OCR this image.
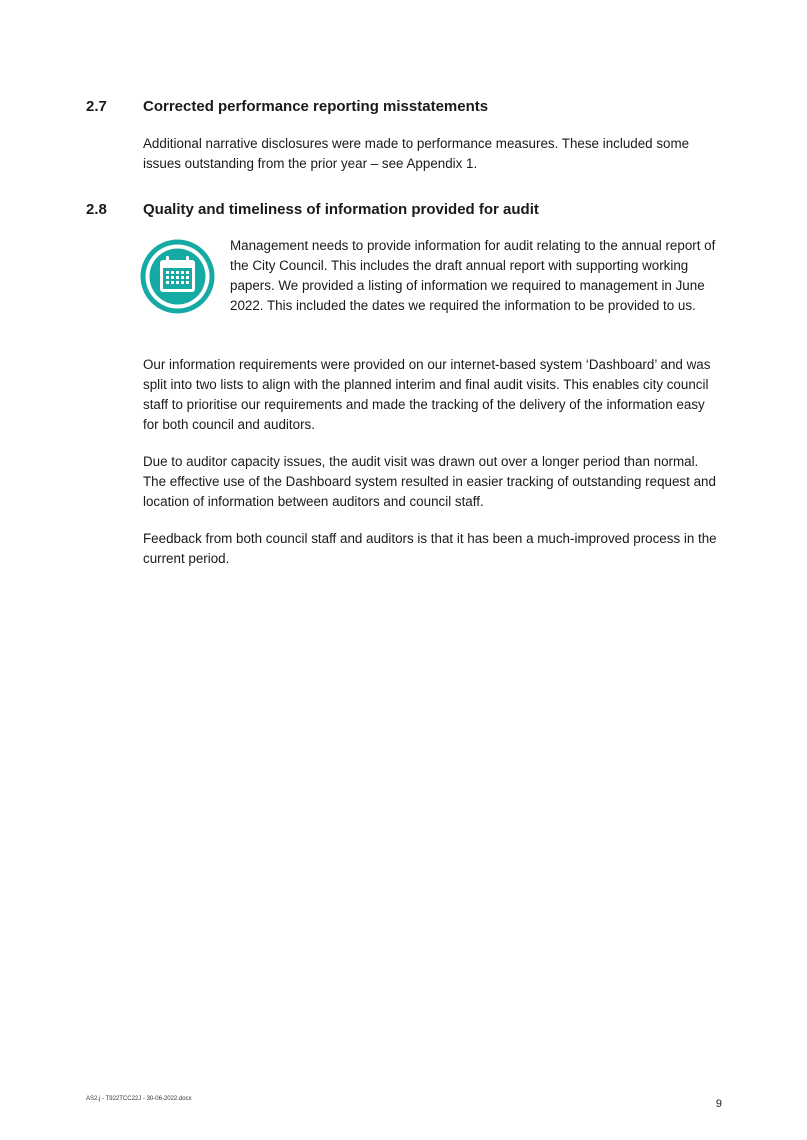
2.7 Corrected performance reporting misstatements

Additional narrative disclosures were made to performance measures. These included some issues outstanding from the prior year – see Appendix 1.

2.8 Quality and timeliness of information provided for audit

Management needs to provide information for audit relating to the annual report of the City Council. This includes the draft annual report with supporting working papers. We provided a listing of information we required to management in June 2022. This included the dates we required the information to be provided to us.

Our information requirements were provided on our internet-based system ‘Dashboard’ and was split into two lists to align with the planned interim and final audit visits. This enables city council staff to prioritise our requirements and made the tracking of the delivery of the information easy for both council and auditors.

Due to auditor capacity issues, the audit visit was drawn out over a longer period than normal. The effective use of the Dashboard system resulted in easier tracking of outstanding request and location of information between auditors and council staff.

Feedback from both council staff and auditors is that it has been a much-improved process in the current period.

AS2.j - T922TCC22J - 30-06-2022.docx	9
